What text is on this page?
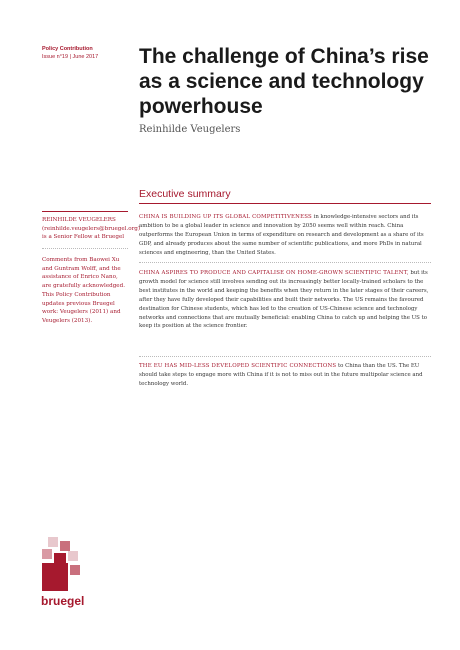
Policy Contribution
Issue n°19 | June 2017 The challenge of China’s rise as a science and technology powerhouse
Reinhilde Veugelers
Executive summary
REINHILDE VEUGELERS (reinhilde.veugelers@bruegel.org) is a Senior Fellow at Bruegel
Comments from Baowei Xu and Guntram Wolff, and the assistance of Enrico Nano, are gratefully acknowledged. This Policy Contribution updates previous Bruegel work: Veugelers (2011) and Veugelers (2013).

CHINA IS BUILDING UP ITS GLOBAL COMPETITIVENESS in knowledge-intensive sectors and its ambition to be a global leader in science and innovation by 2050 seems well within reach. China outperforms the European Union in terms of expenditure on research and development as a share of its GDP, and already produces about the same number of scientific publications, and more PhDs in natural sciences and engineering, than the United States.

CHINA ASPIRES TO PRODUCE AND CAPITALISE ON HOME-GROWN SCIENTIFIC TALENT, but its growth model for science still involves sending out its increasingly better locally-trained scholars to the best institutes in the world and keeping the benefits when they return in the later stages of their careers, after they have fully developed their capabilities and built their networks. The US remains the favoured destination for Chinese students, which has led to the creation of US-Chinese science and technology networks and connections that are mutually beneficial: enabling China to catch up and helping the US to keep its position at the science frontier.

THE EU HAS MID-LESS DEVELOPED SCIENTIFIC CONNECTIONS to China than the US. The EU should take steps to engage more with China if it is not to miss out in the future multipolar science and technology world.

bruegel
